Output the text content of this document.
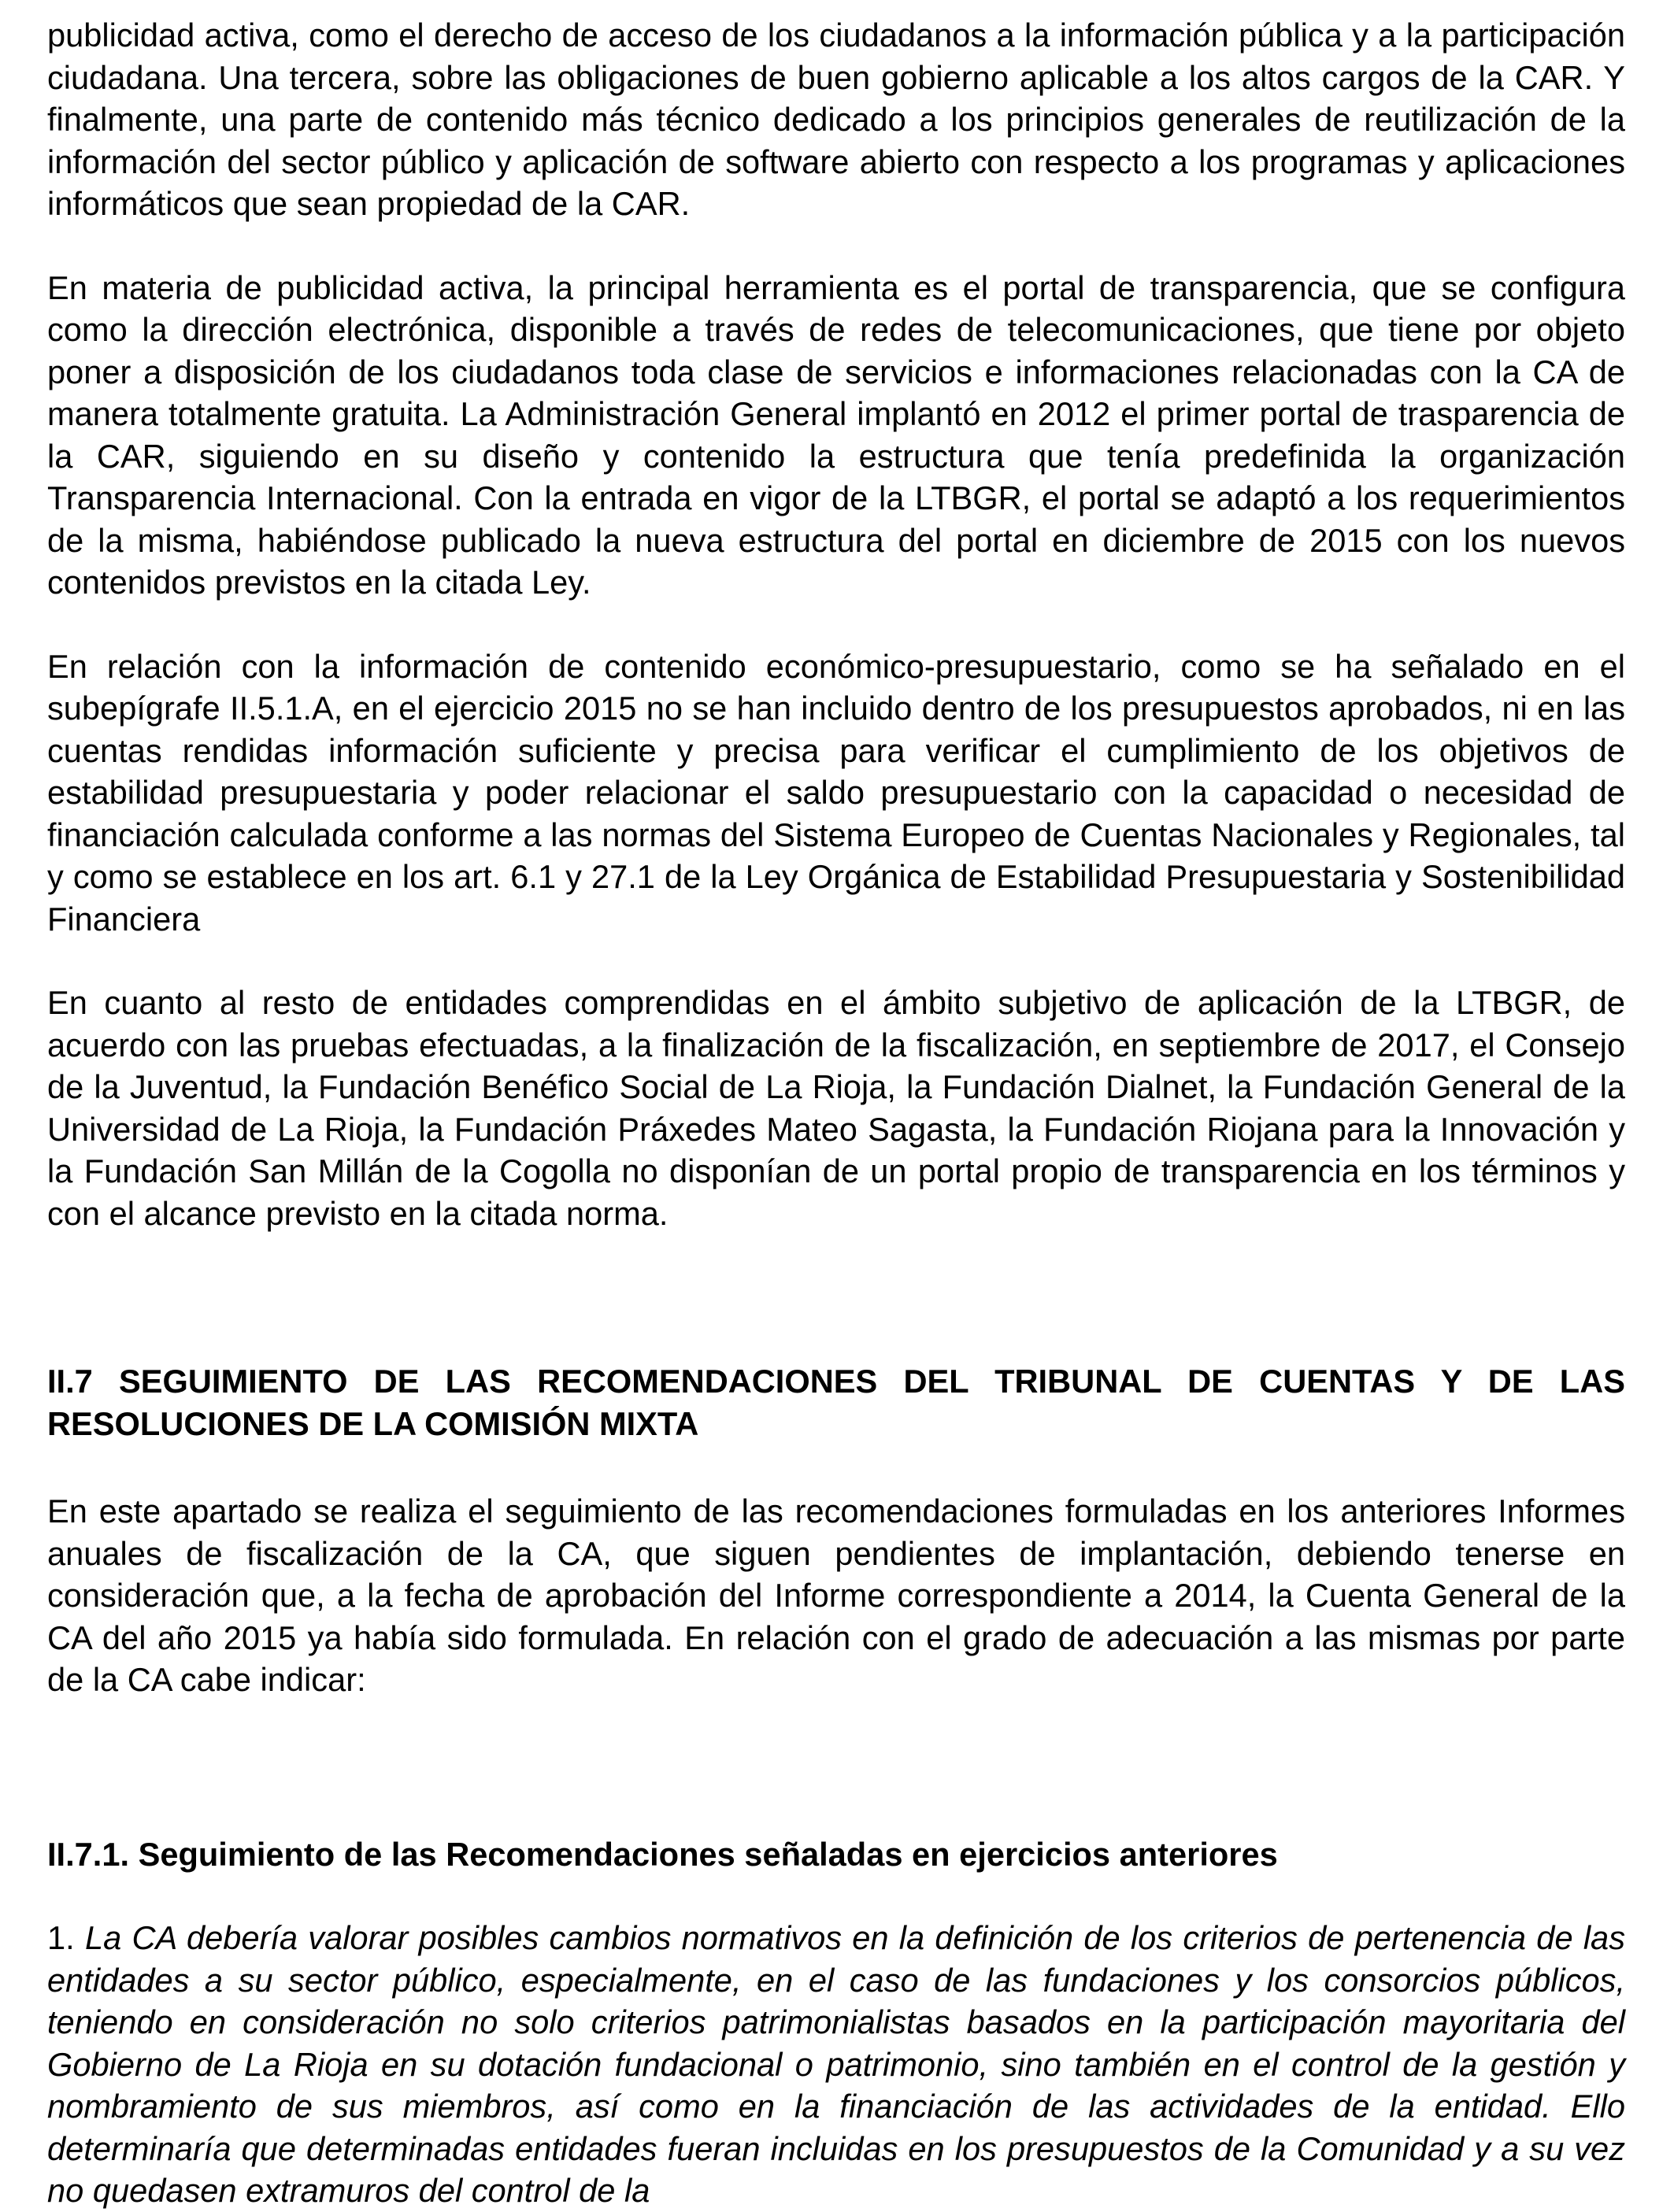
publicidad activa, como el derecho de acceso de los ciudadanos a la información pública y a la participación ciudadana. Una tercera, sobre las obligaciones de buen gobierno aplicable a los altos cargos de la CAR. Y finalmente, una parte de contenido más técnico dedicado a los principios generales de reutilización de la información del sector público y aplicación de software abierto con respecto a los programas y aplicaciones informáticos que sean propiedad de la CAR.

En materia de publicidad activa, la principal herramienta es el portal de transparencia, que se configura como la dirección electrónica, disponible a través de redes de telecomunicaciones, que tiene por objeto poner a disposición de los ciudadanos toda clase de servicios e informaciones relacionadas con la CA de manera totalmente gratuita. La Administración General implantó en 2012 el primer portal de trasparencia de la CAR, siguiendo en su diseño y contenido la estructura que tenía predefinida la organización Transparencia Internacional. Con la entrada en vigor de la LTBGR, el portal se adaptó a los requerimientos de la misma, habiéndose publicado la nueva estructura del portal en diciembre de 2015 con los nuevos contenidos previstos en la citada Ley.

En relación con la información de contenido económico-presupuestario, como se ha señalado en el subepígrafe II.5.1.A, en el ejercicio 2015 no se han incluido dentro de los presupuestos aprobados, ni en las cuentas rendidas información suficiente y precisa para verificar el cumplimiento de los objetivos de estabilidad presupuestaria y poder relacionar el saldo presupuestario con la capacidad o necesidad de financiación calculada conforme a las normas del Sistema Europeo de Cuentas Nacionales y Regionales, tal y como se establece en los art. 6.1 y 27.1 de la Ley Orgánica de Estabilidad Presupuestaria y Sostenibilidad Financiera

En cuanto al resto de entidades comprendidas en el ámbito subjetivo de aplicación de la LTBGR, de acuerdo con las pruebas efectuadas, a la finalización de la fiscalización, en septiembre de 2017, el Consejo de la Juventud, la Fundación Benéfico Social de La Rioja, la Fundación Dialnet, la Fundación General de la Universidad de La Rioja, la Fundación Práxedes Mateo Sagasta, la Fundación Riojana para la Innovación y la Fundación San Millán de la Cogolla no disponían de un portal propio de transparencia en los términos y con el alcance previsto en la citada norma.

II.7 SEGUIMIENTO DE LAS RECOMENDACIONES DEL TRIBUNAL DE CUENTAS Y DE LAS RESOLUCIONES DE LA COMISIÓN MIXTA

En este apartado se realiza el seguimiento de las recomendaciones formuladas en los anteriores Informes anuales de fiscalización de la CA, que siguen pendientes de implantación, debiendo tenerse en consideración que, a la fecha de aprobación del Informe correspondiente a 2014, la Cuenta General de la CA del año 2015 ya había sido formulada. En relación con el grado de adecuación a las mismas por parte de la CA cabe indicar:

II.7.1. Seguimiento de las Recomendaciones señaladas en ejercicios anteriores

1. La CA debería valorar posibles cambios normativos en la definición de los criterios de pertenencia de las entidades a su sector público, especialmente, en el caso de las fundaciones y los consorcios públicos, teniendo en consideración no solo criterios patrimonialistas basados en la participación mayoritaria del Gobierno de La Rioja en su dotación fundacional o patrimonio, sino también en el control de la gestión y nombramiento de sus miembros, así como en la financiación de las actividades de la entidad. Ello determinaría que determinadas entidades fueran incluidas en los presupuestos de la Comunidad y a su vez no quedasen extramuros del control de la
